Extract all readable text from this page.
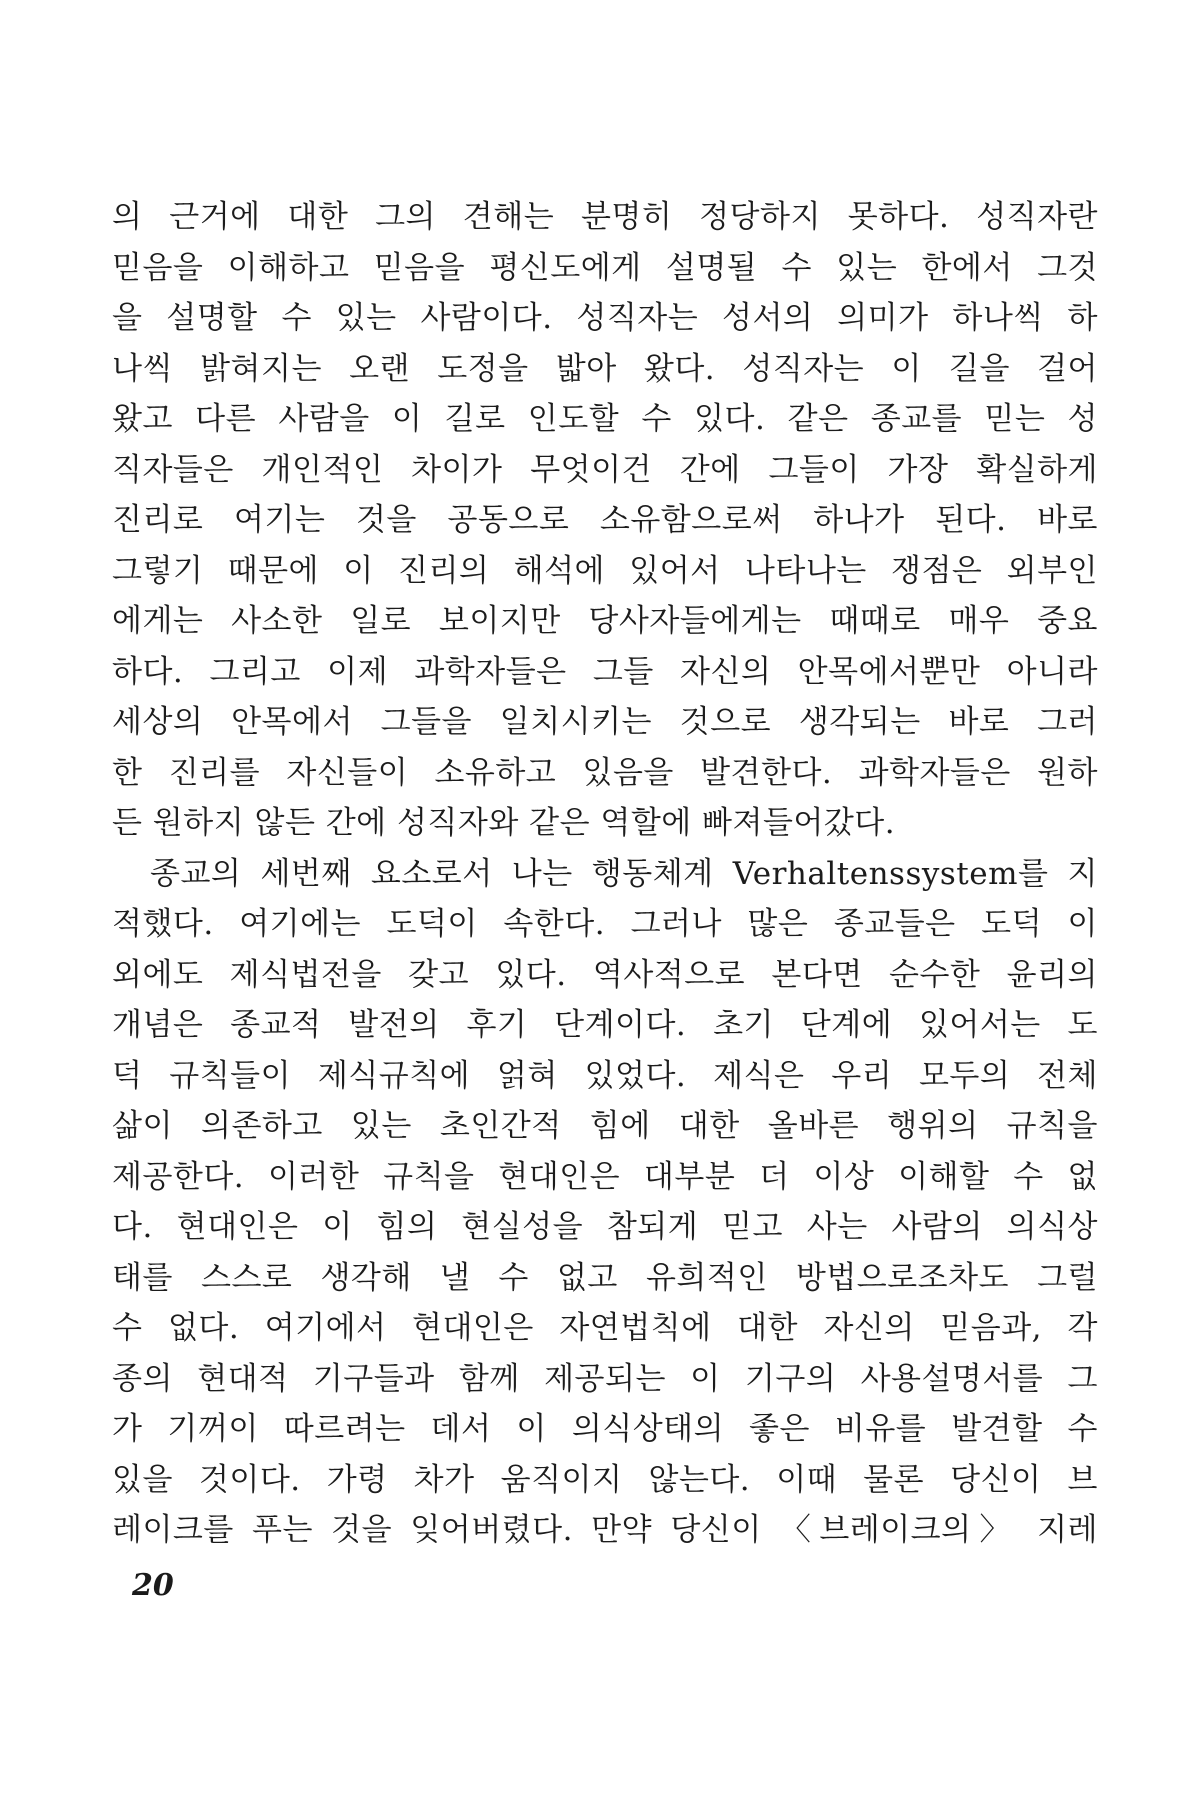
의 근거에 대한 그의 견해는 분명히 정당하지 못하다. 성직자란
믿음을 이해하고 믿음을 평신도에게 설명될 수 있는 한에서 그것
을 설명할 수 있는 사람이다. 성직자는 성서의 의미가 하나씩 하
나씩 밝혀지는 오랜 도정을 밟아 왔다. 성직자는 이 길을 걸어
왔고 다른 사람을 이 길로 인도할 수 있다. 같은 종교를 믿는 성
직자들은 개인적인 차이가 무엇이건 간에 그들이 가장 확실하게
진리로 여기는 것을 공동으로 소유함으로써 하나가 된다. 바로
그렇기 때문에 이 진리의 해석에 있어서 나타나는 쟁점은 외부인
에게는 사소한 일로 보이지만 당사자들에게는 때때로 매우 중요
하다. 그리고 이제 과학자들은 그들 자신의 안목에서뿐만 아니라
세상의 안목에서 그들을 일치시키는 것으로 생각되는 바로 그러
한 진리를 자신들이 소유하고 있음을 발견한다. 과학자들은 원하
든 원하지 않든 간에 성직자와 같은 역할에 빠져들어갔다.
종교의 세번째 요소로서 나는 행동체계 Verhaltenssystem를 지
적했다. 여기에는 도덕이 속한다. 그러나 많은 종교들은 도덕 이
외에도 제식법전을 갖고 있다. 역사적으로 본다면 순수한 윤리의
개념은 종교적 발전의 후기 단계이다. 초기 단계에 있어서는 도
덕 규칙들이 제식규칙에 얽혀 있었다. 제식은 우리 모두의 전체
삶이 의존하고 있는 초인간적 힘에 대한 올바른 행위의 규칙을
제공한다. 이러한 규칙을 현대인은 대부분 더 이상 이해할 수 없
다. 현대인은 이 힘의 현실성을 참되게 믿고 사는 사람의 의식상
태를 스스로 생각해 낼 수 없고 유희적인 방법으로조차도 그럴
수 없다. 여기에서 현대인은 자연법칙에 대한 자신의 믿음과, 각
종의 현대적 기구들과 함께 제공되는 이 기구의 사용설명서를 그
가 기꺼이 따르려는 데서 이 의식상태의 좋은 비유를 발견할 수
있을 것이다. 가령 차가 움직이지 않는다. 이때 물론 당신이 브
레이크를 푸는 것을 잊어버렸다. 만약 당신이 〈브레이크의〉 지레
20
